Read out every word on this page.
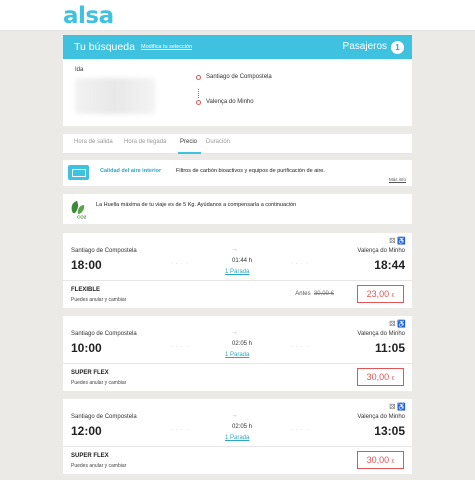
alsa
Tu búsqueda Modifica tu selección	Pasajeros	1
Ida
Santiago de Compostela
Valença do Minho
Hora de salida Hora de llegada Precio Duración
Calidad del aire interior	Filtros de carbón bioactivos y equipos de purificación de aire.
Más info
CO2
La Huella máxima de tu viaje es de 5 Kg. Ayúdanos a compensarla a continuación
⚄ ♿
Santiago de Compostela
18:00	· · · ·
→
01:44 h
1 Parada
· · · ·
Valença do Minho
18:44
FLEXIBLE
Puedes anular y cambiar
Antes 30,00 €	23,00 €
⚄ ♿
Santiago de Compostela
10:00	· · · ·
→
02:05 h
1 Parada
· · · ·
Valença do Minho
11:05
SUPER FLEX
Puedes anular y cambiar
30,00 €
⚄ ♿
Santiago de Compostela
12:00	· · · ·
→
02:05 h
1 Parada
· · · ·
Valença do Minho
13:05
SUPER FLEX
Puedes anular y cambiar
30,00 €
